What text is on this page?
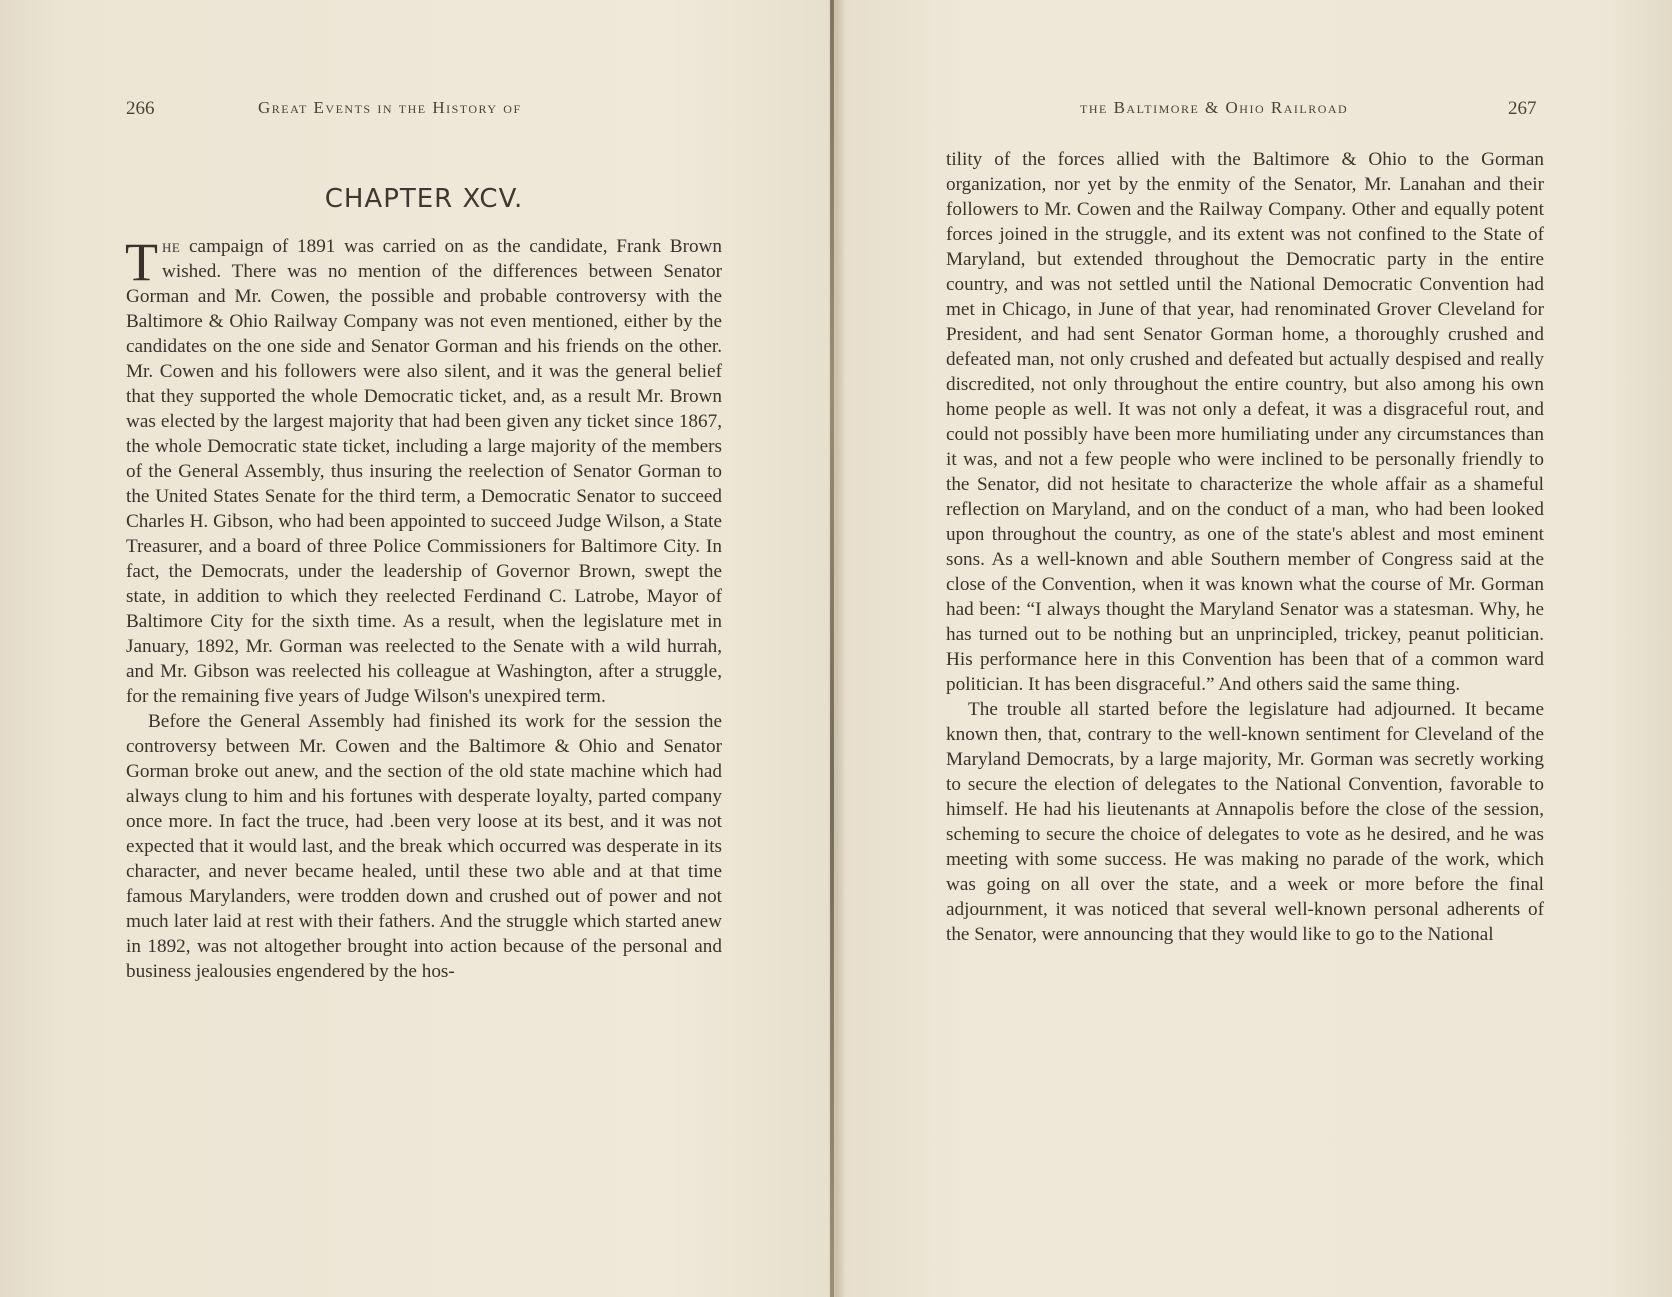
266	Great Events in the History of
CHAPTER XCV.

The campaign of 1891 was carried on as the candidate, Frank Brown wished. There was no mention of the differences between Senator Gorman and Mr. Cowen, the possible and probable controversy with the Baltimore & Ohio Railway Company was not even mentioned, either by the candidates on the one side and Senator Gorman and his friends on the other. Mr. Cowen and his followers were also silent, and it was the general belief that they supported the whole Democratic ticket, and, as a result Mr. Brown was elected by the largest majority that had been given any ticket since 1867, the whole Democratic state ticket, including a large majority of the members of the General Assembly, thus insuring the reelection of Senator Gorman to the United States Senate for the third term, a Democratic Senator to succeed Charles H. Gibson, who had been appointed to succeed Judge Wilson, a State Treasurer, and a board of three Police Commissioners for Baltimore City. In fact, the Democrats, under the leadership of Governor Brown, swept the state, in addition to which they reelected Ferdinand C. Latrobe, Mayor of Baltimore City for the sixth time. As a result, when the legislature met in January, 1892, Mr. Gorman was reelected to the Senate with a wild hurrah, and Mr. Gibson was reelected his colleague at Washington, after a struggle, for the remaining five years of Judge Wilson's unexpired term.

Before the General Assembly had finished its work for the session the controversy between Mr. Cowen and the Baltimore & Ohio and Senator Gorman broke out anew, and the section of the old state machine which had always clung to him and his fortunes with desperate loyalty, parted company once more. In fact the truce, had .been very loose at its best, and it was not expected that it would last, and the break which occurred was desperate in its character, and never became healed, until these two able and at that time famous Marylanders, were trodden down and crushed out of power and not much later laid at rest with their fathers. And the struggle which started anew in 1892, was not altogether brought into action because of the personal and business jealousies engendered by the hos-

the Baltimore & Ohio Railroad	267

tility of the forces allied with the Baltimore & Ohio to the Gorman organization, nor yet by the enmity of the Senator, Mr. Lanahan and their followers to Mr. Cowen and the Railway Company. Other and equally potent forces joined in the struggle, and its extent was not confined to the State of Maryland, but extended throughout the Democratic party in the entire country, and was not settled until the National Democratic Convention had met in Chicago, in June of that year, had renominated Grover Cleveland for President, and had sent Senator Gorman home, a thoroughly crushed and defeated man, not only crushed and defeated but actually despised and really discredited, not only throughout the entire country, but also among his own home people as well. It was not only a defeat, it was a disgraceful rout, and could not possibly have been more humiliating under any circumstances than it was, and not a few people who were inclined to be personally friendly to the Senator, did not hesitate to characterize the whole affair as a shameful reflection on Maryland, and on the conduct of a man, who had been looked upon throughout the country, as one of the state's ablest and most eminent sons. As a well-known and able Southern member of Congress said at the close of the Convention, when it was known what the course of Mr. Gorman had been: “I always thought the Maryland Senator was a statesman. Why, he has turned out to be nothing but an unprincipled, trickey, peanut politician. His performance here in this Convention has been that of a common ward politician. It has been disgraceful.” And others said the same thing.

The trouble all started before the legislature had adjourned. It became known then, that, contrary to the well-known sentiment for Cleveland of the Maryland Democrats, by a large majority, Mr. Gorman was secretly working to secure the election of delegates to the National Convention, favorable to himself. He had his lieutenants at Annapolis before the close of the session, scheming to secure the choice of delegates to vote as he desired, and he was meeting with some success. He was making no parade of the work, which was going on all over the state, and a week or more before the final adjournment, it was noticed that several well-known personal adherents of the Senator, were announcing that they would like to go to the National
